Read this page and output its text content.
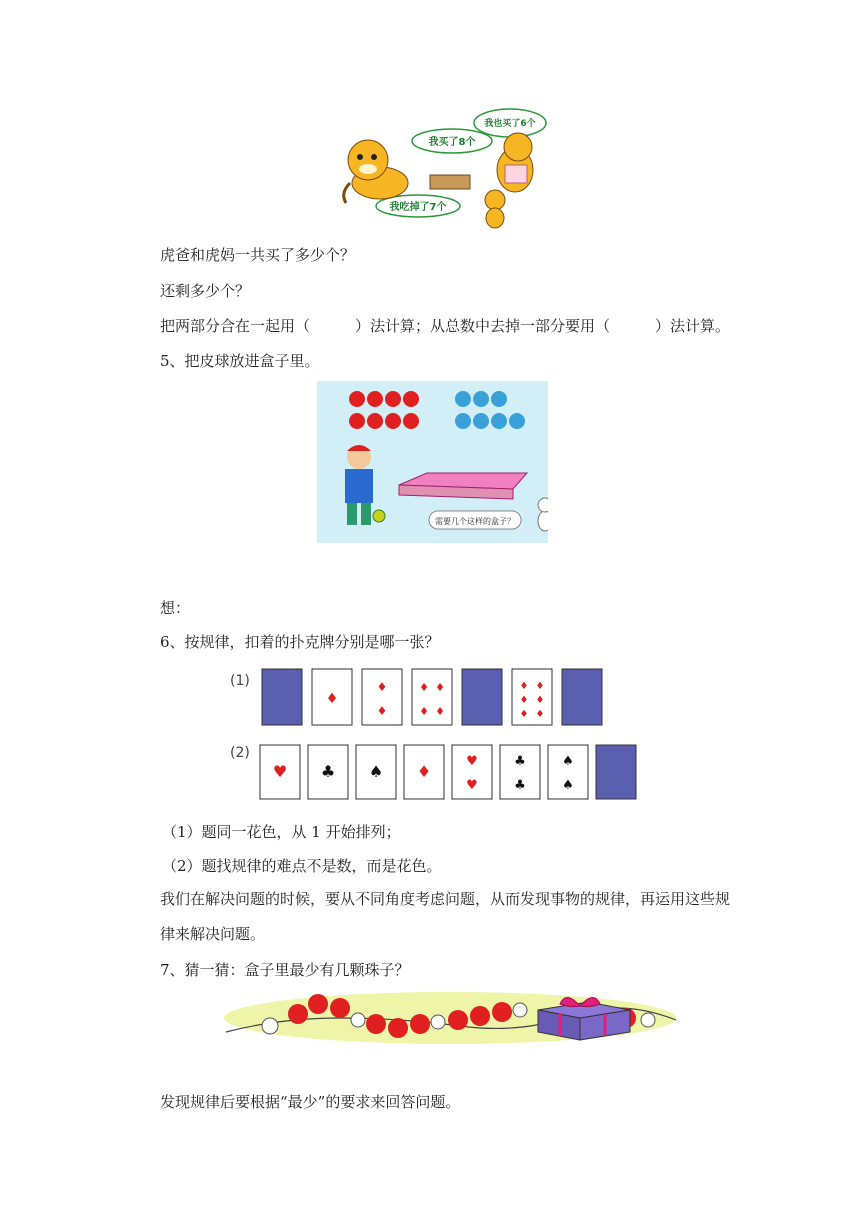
我买了8个
我也买了6个
我吃掉了7个
虎爸和虎妈一共买了多少个？
还剩多少个？
把两部分合在一起用（　　　）法计算；从总数中去掉一部分要用（　　　）法计算。
5、把皮球放进盒子里。
需要几个这样的盒子？
想：
6、按规律，扣着的扑克牌分别是哪一张？
(1)
(2)
♦
♦
♦
♦ ♦
♦ ♦
♦ ♦
♦ ♦
♦ ♦
♥ ♣ ♠ ♦
♥
♥
♣
♣
♠
♠
（1）题同一花色，从 1 开始排列；
（2）题找规律的难点不是数，而是花色。
我们在解决问题的时候，要从不同角度考虑问题，从而发现事物的规律，再运用这些规
律来解决问题。
7、猜一猜：盒子里最少有几颗珠子？
发现规律后要根据“最少”的要求来回答问题。
